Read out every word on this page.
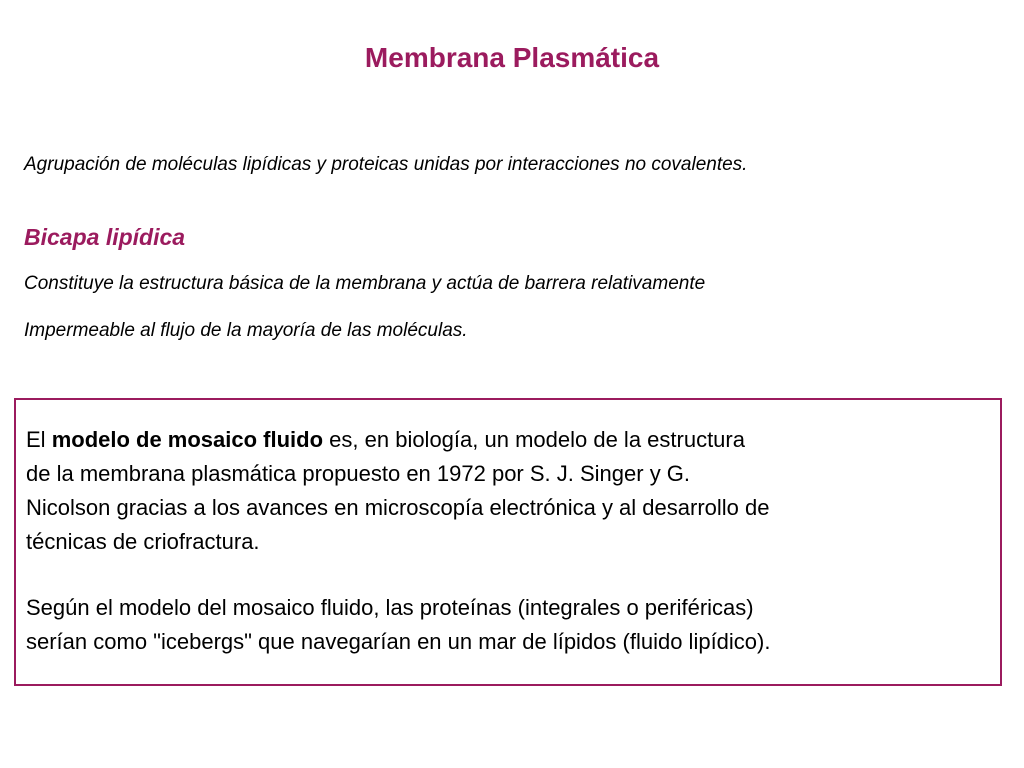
Membrana Plasmática

Agrupación de moléculas lipídicas y proteicas unidas por interacciones no covalentes.

Bicapa lipídica

Constituye la estructura básica de la membrana y actúa de barrera relativamente

Impermeable al flujo de la mayoría de las moléculas.

El modelo de mosaico fluido es, en biología, un modelo de la estructura

de la membrana plasmática propuesto en 1972 por S. J. Singer y G.

Nicolson gracias a los avances en microscopía electrónica y al desarrollo de

técnicas de criofractura.

Según el modelo del mosaico fluido, las proteínas (integrales o periféricas)

serían como "icebergs" que navegarían en un mar de lípidos (fluido lipídico).
